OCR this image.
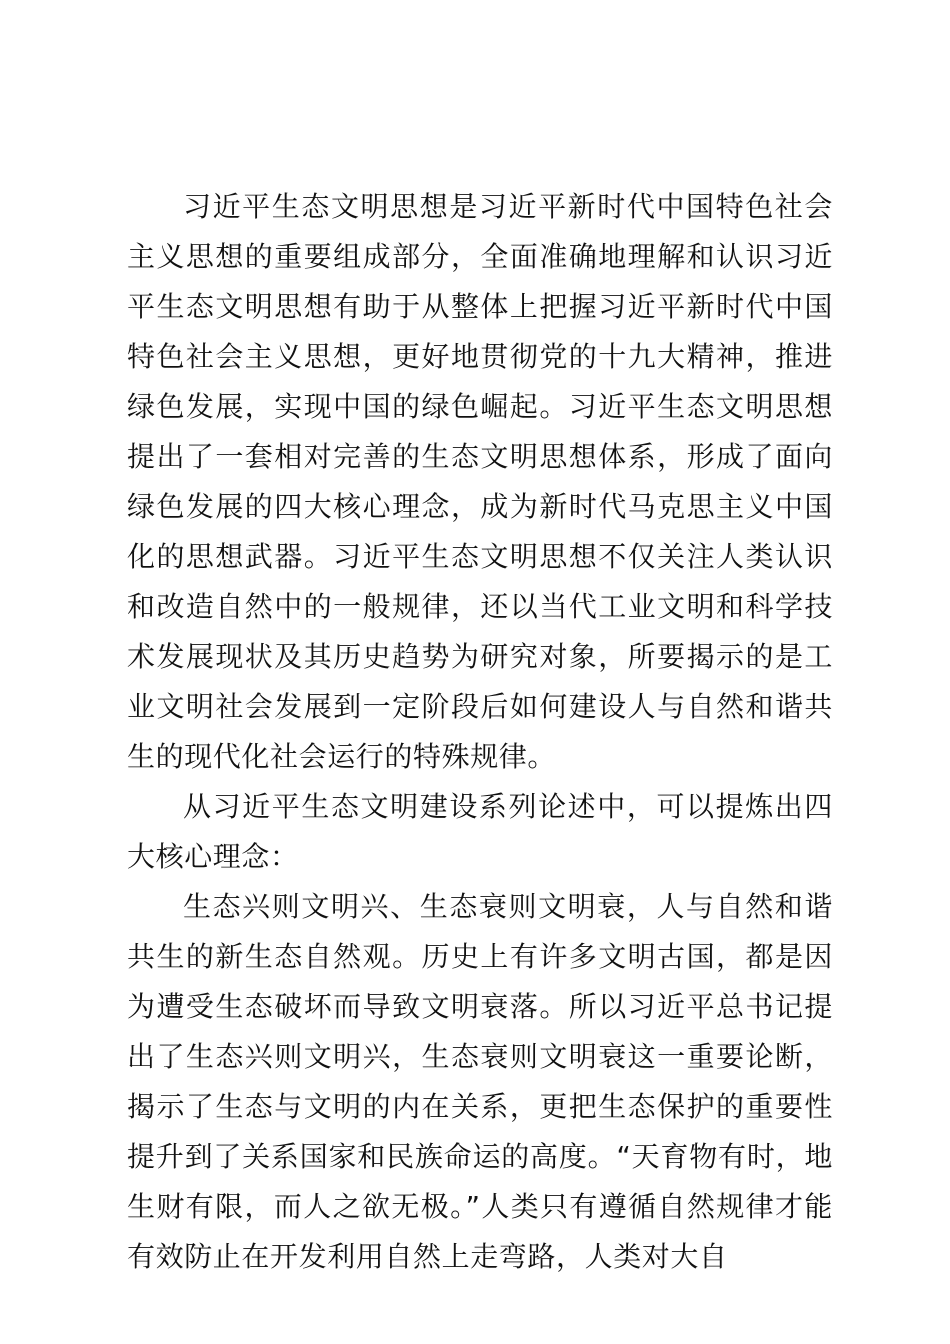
习近平生态文明思想是习近平新时代中国特色社会主义思想的重要组成部分，全面准确地理解和认识习近平生态文明思想有助于从整体上把握习近平新时代中国特色社会主义思想，更好地贯彻党的十九大精神，推进绿色发展，实现中国的绿色崛起。习近平生态文明思想提出了一套相对完善的生态文明思想体系，形成了面向绿色发展的四大核心理念，成为新时代马克思主义中国化的思想武器。习近平生态文明思想不仅关注人类认识和改造自然中的一般规律，还以当代工业文明和科学技术发展现状及其历史趋势为研究对象，所要揭示的是工业文明社会发展到一定阶段后如何建设人与自然和谐共生的现代化社会运行的特殊规律。

从习近平生态文明建设系列论述中，可以提炼出四大核心理念：

生态兴则文明兴、生态衰则文明衰，人与自然和谐共生的新生态自然观。历史上有许多文明古国，都是因为遭受生态破坏而导致文明衰落。所以习近平总书记提出了生态兴则文明兴，生态衰则文明衰这一重要论断，揭示了生态与文明的内在关系，更把生态保护的重要性提升到了关系国家和民族命运的高度。“天育物有时，地生财有限，而人之欲无极。”人类只有遵循自然规律才能有效防止在开发利用自然上走弯路，人类对大自
